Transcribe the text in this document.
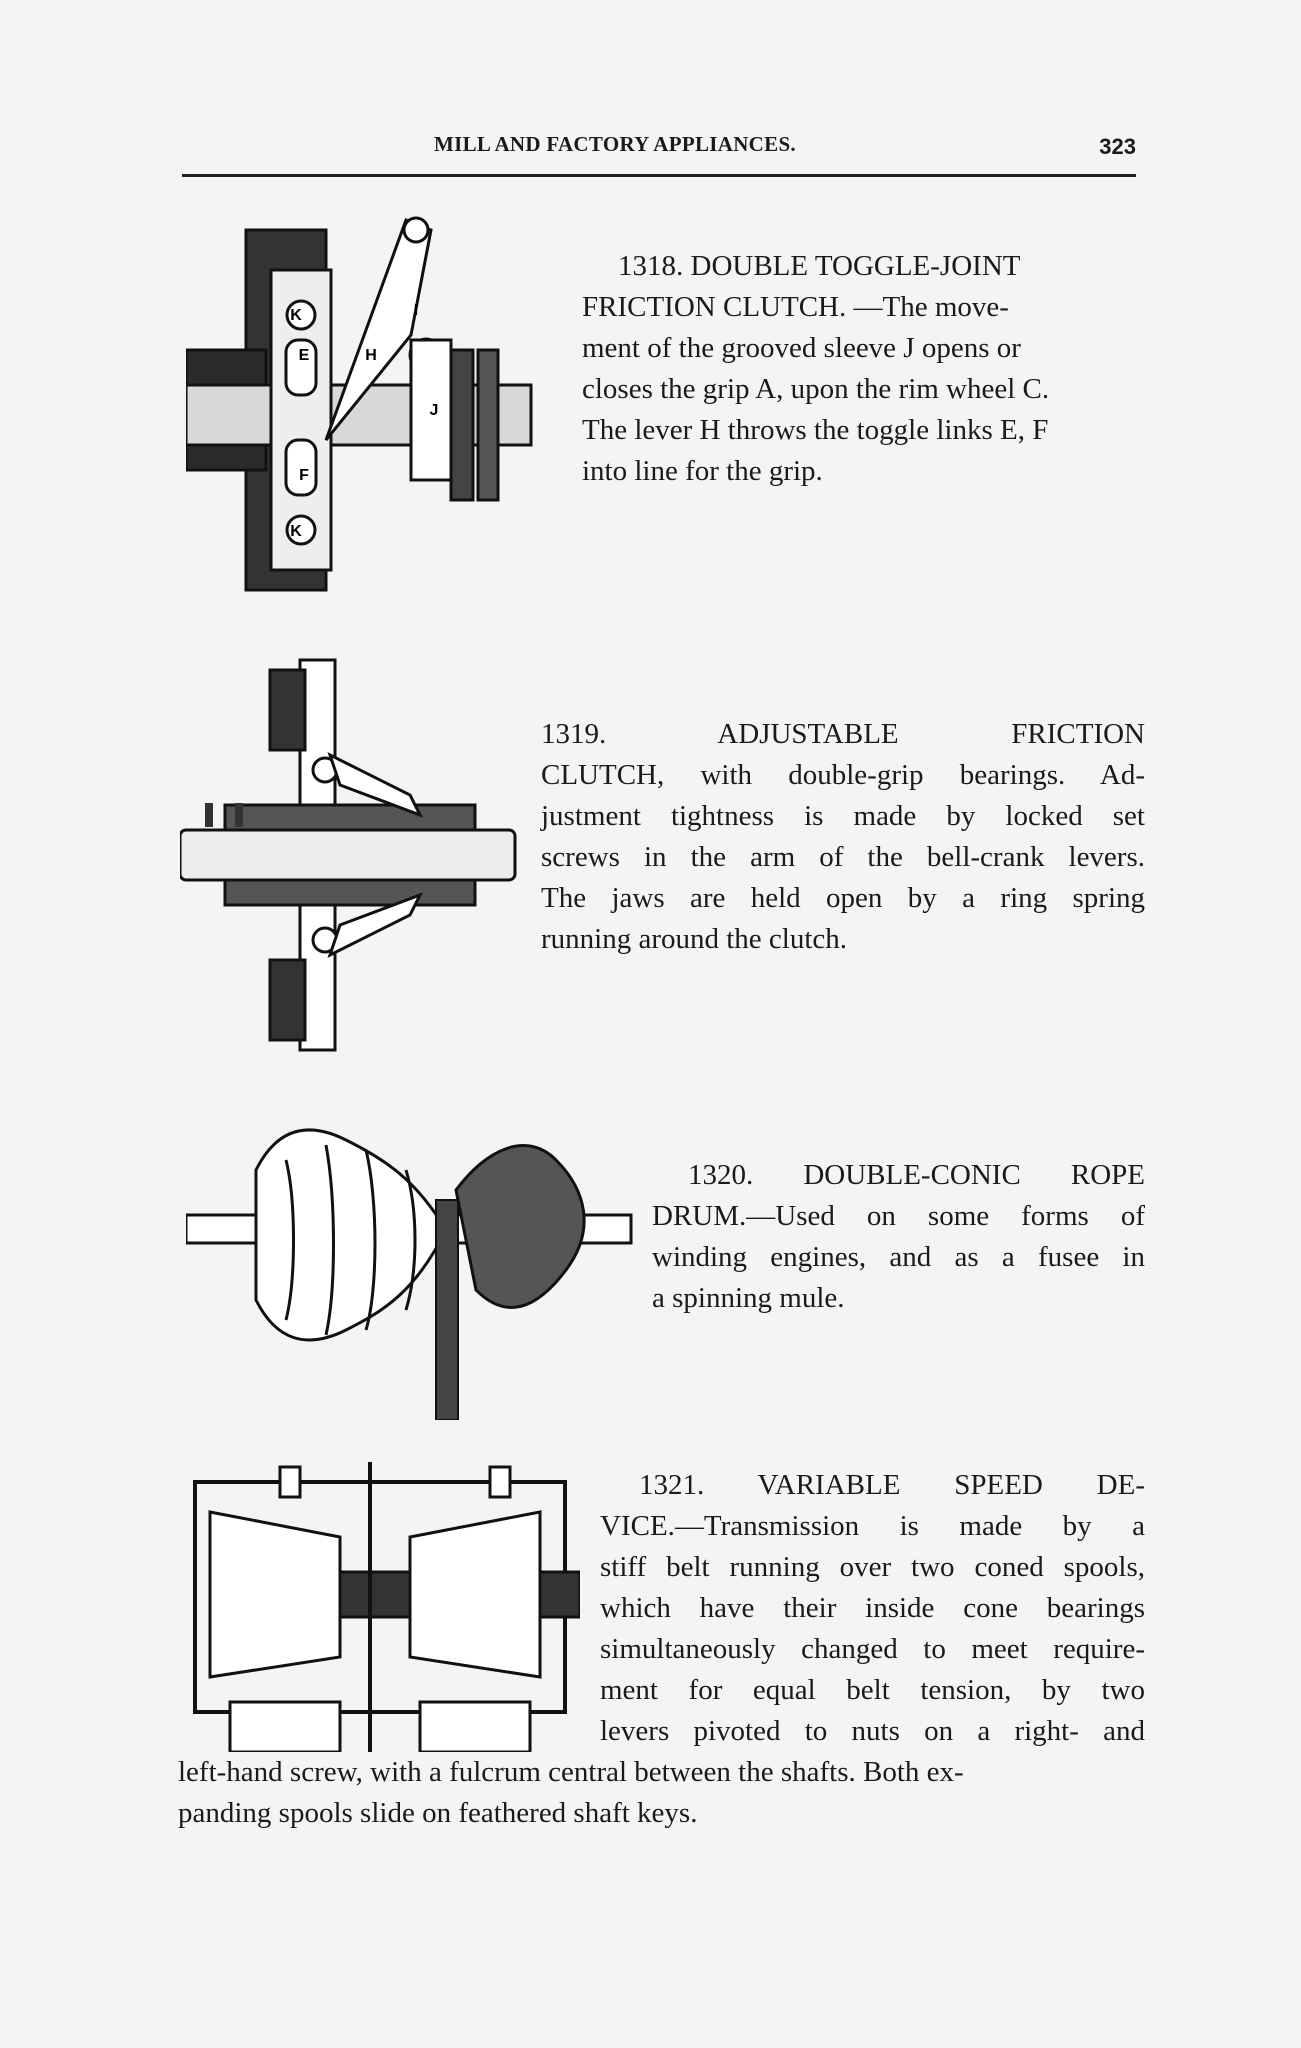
MILL AND FACTORY APPLIANCES.	323
K
E	H
I
J
F
K
1318. DOUBLE TOGGLE-JOINT
FRICTION CLUTCH. —The move-
ment of the grooved sleeve J opens or
closes the grip A, upon the rim wheel C.
The lever H throws the toggle links E, F
into line for the grip.
1319. ADJUSTABLE FRICTION
CLUTCH, with double-grip bearings. Ad-
justment tightness is made by locked set
screws in the arm of the bell-crank levers.
The jaws are held open by a ring spring
running around the clutch.
1320. DOUBLE-CONIC ROPE
DRUM.—Used on some forms of
winding engines, and as a fusee in
a spinning mule.
1321. VARIABLE SPEED DE-
VICE.—Transmission is made by a
stiff belt running over two coned spools,
which have their inside cone bearings
simultaneously changed to meet require-
ment for equal belt tension, by two
levers pivoted to nuts on a right- and
left-hand screw, with a fulcrum central between the shafts. Both ex-
panding spools slide on feathered shaft keys.
